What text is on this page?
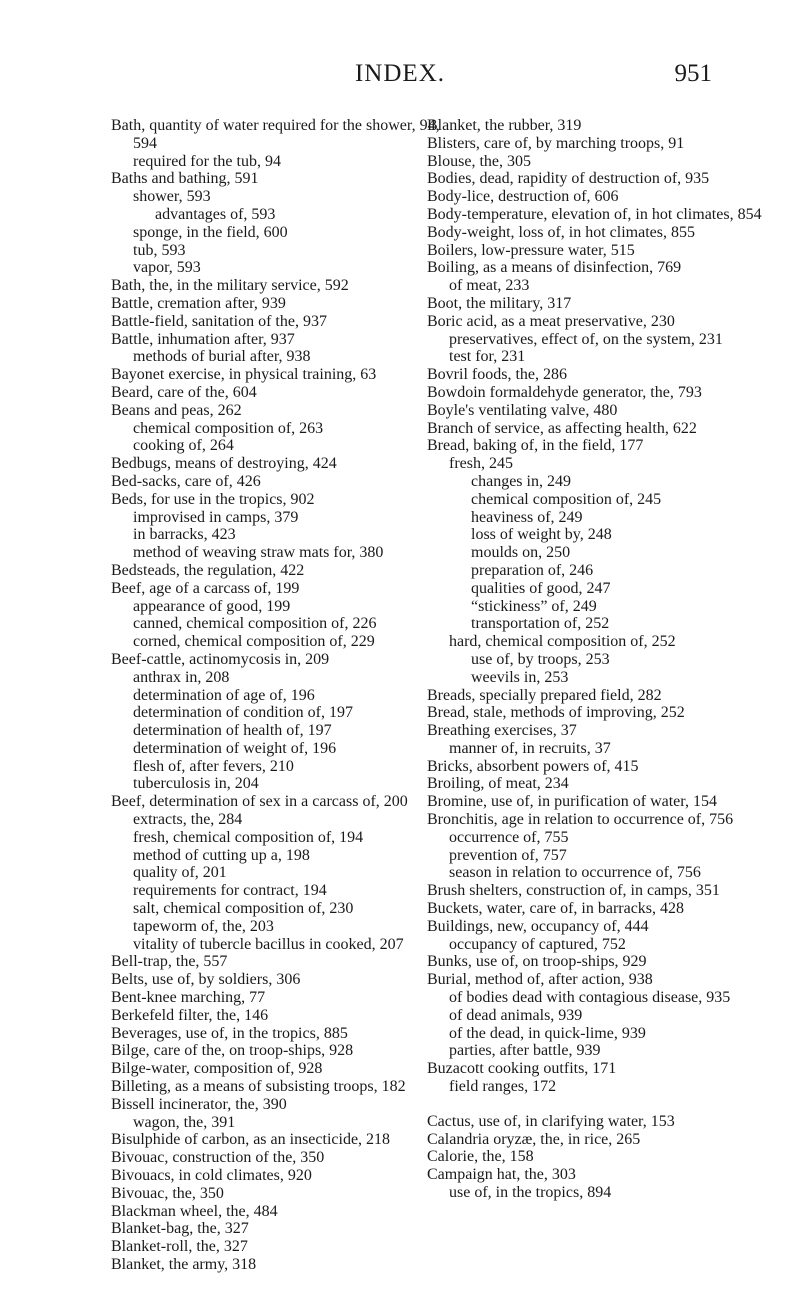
INDEX.	951
Bath, quantity of water required for the shower, 94, 594
required for the tub, 94
Baths and bathing, 591
shower, 593
advantages of, 593
sponge, in the field, 600
tub, 593
vapor, 593
Bath, the, in the military service, 592
Battle, cremation after, 939
Battle-field, sanitation of the, 937
Battle, inhumation after, 937
methods of burial after, 938
Bayonet exercise, in physical training, 63
Beard, care of the, 604
Beans and peas, 262
chemical composition of, 263
cooking of, 264
Bedbugs, means of destroying, 424
Bed-sacks, care of, 426
Beds, for use in the tropics, 902
improvised in camps, 379
in barracks, 423
method of weaving straw mats for, 380
Bedsteads, the regulation, 422
Beef, age of a carcass of, 199
appearance of good, 199
canned, chemical composition of, 226
corned, chemical composition of, 229
Beef-cattle, actinomycosis in, 209
anthrax in, 208
determination of age of, 196
determination of condition of, 197
determination of health of, 197
determination of weight of, 196
flesh of, after fevers, 210
tuberculosis in, 204
Beef, determination of sex in a carcass of, 200
extracts, the, 284
fresh, chemical composition of, 194
method of cutting up a, 198
quality of, 201
requirements for contract, 194
salt, chemical composition of, 230
tapeworm of, the, 203
vitality of tubercle bacillus in cooked, 207
Bell-trap, the, 557
Belts, use of, by soldiers, 306
Bent-knee marching, 77
Berkefeld filter, the, 146
Beverages, use of, in the tropics, 885
Bilge, care of the, on troop-ships, 928
Bilge-water, composition of, 928
Billeting, as a means of subsisting troops, 182
Bissell incinerator, the, 390
wagon, the, 391
Bisulphide of carbon, as an insecticide, 218
Bivouac, construction of the, 350
Bivouacs, in cold climates, 920
Bivouac, the, 350
Blackman wheel, the, 484
Blanket-bag, the, 327
Blanket-roll, the, 327
Blanket, the army, 318
Blanket, the rubber, 319
Blisters, care of, by marching troops, 91
Blouse, the, 305
Bodies, dead, rapidity of destruction of, 935
Body-lice, destruction of, 606
Body-temperature, elevation of, in hot climates, 854
Body-weight, loss of, in hot climates, 855
Boilers, low-pressure water, 515
Boiling, as a means of disinfection, 769
of meat, 233
Boot, the military, 317
Boric acid, as a meat preservative, 230
preservatives, effect of, on the system, 231
test for, 231
Bovril foods, the, 286
Bowdoin formaldehyde generator, the, 793
Boyle's ventilating valve, 480
Branch of service, as affecting health, 622
Bread, baking of, in the field, 177
fresh, 245
changes in, 249
chemical composition of, 245
heaviness of, 249
loss of weight by, 248
moulds on, 250
preparation of, 246
qualities of good, 247
“stickiness” of, 249
transportation of, 252
hard, chemical composition of, 252
use of, by troops, 253
weevils in, 253
Breads, specially prepared field, 282
Bread, stale, methods of improving, 252
Breathing exercises, 37
manner of, in recruits, 37
Bricks, absorbent powers of, 415
Broiling, of meat, 234
Bromine, use of, in purification of water, 154
Bronchitis, age in relation to occurrence of, 756
occurrence of, 755
prevention of, 757
season in relation to occurrence of, 756
Brush shelters, construction of, in camps, 351
Buckets, water, care of, in barracks, 428
Buildings, new, occupancy of, 444
occupancy of captured, 752
Bunks, use of, on troop-ships, 929
Burial, method of, after action, 938
of bodies dead with contagious disease, 935
of dead animals, 939
of the dead, in quick-lime, 939
parties, after battle, 939
Buzacott cooking outfits, 171
field ranges, 172
Cactus, use of, in clarifying water, 153
Calandria oryzæ, the, in rice, 265
Calorie, the, 158
Campaign hat, the, 303
use of, in the tropics, 894
